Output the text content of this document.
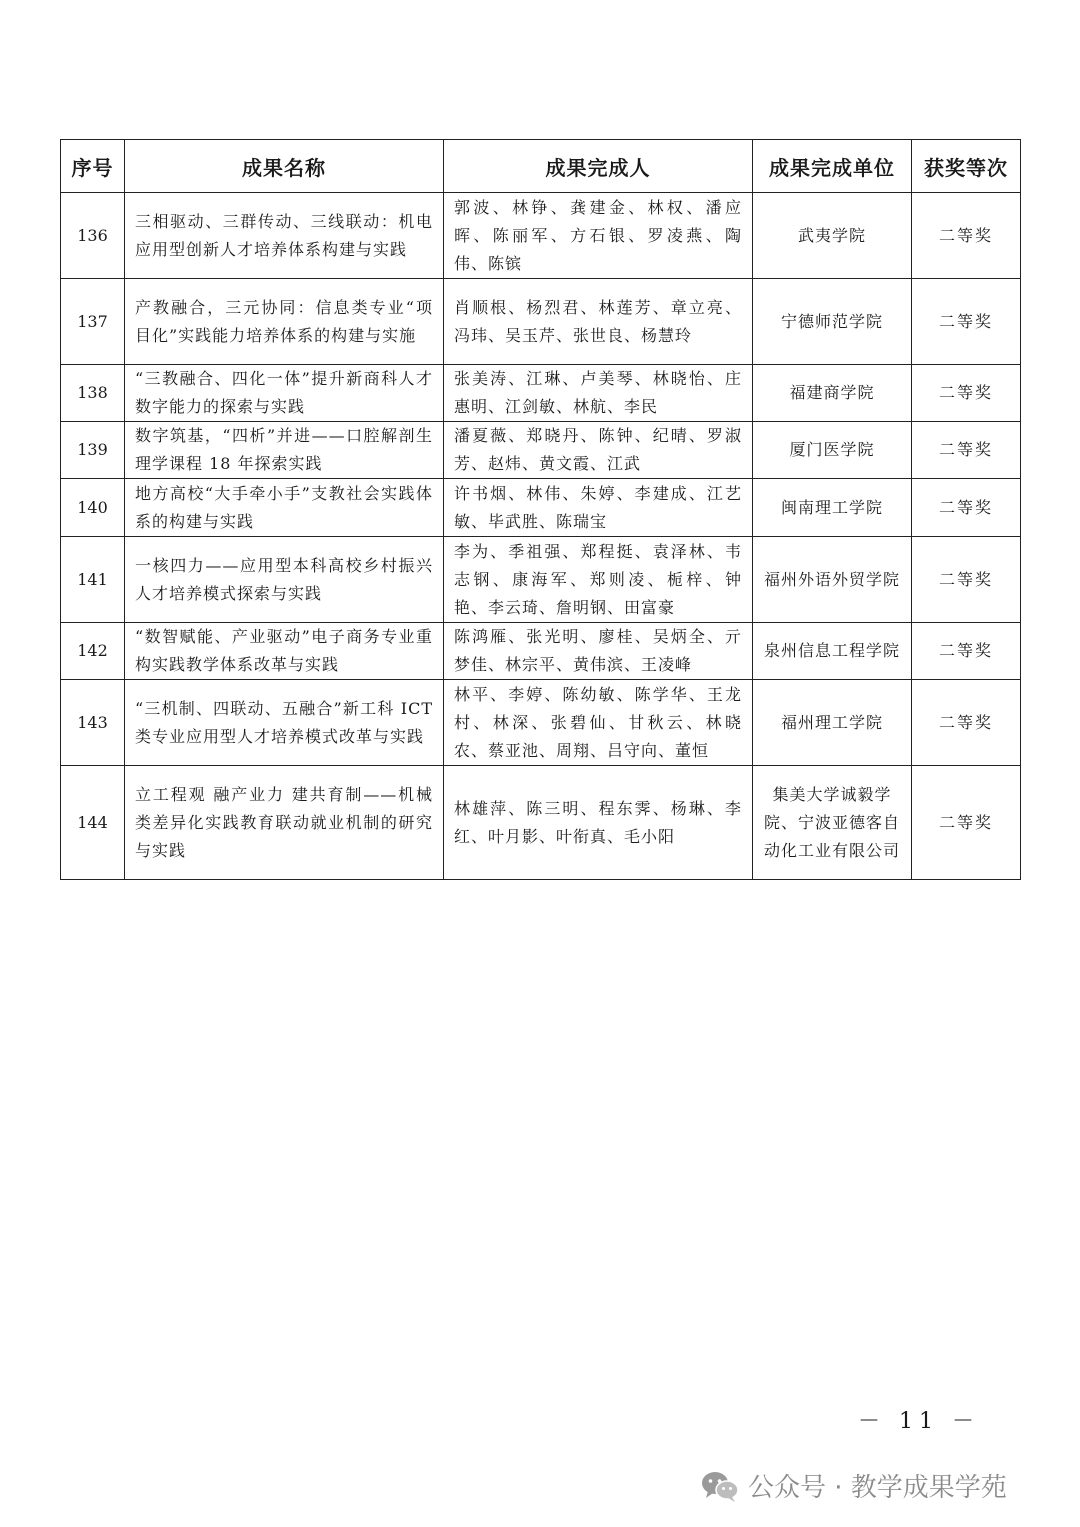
序号	成果名称	成果完成人	成果完成单位	获奖等次
136	三相驱动、三群传动、三线联动：机电应用型创新人才培养体系构建与实践	郭波、林铮、龚建金、林权、潘应晖、陈丽军、方石银、罗凌燕、陶伟、陈镔	武夷学院	二等奖
137	产教融合，三元协同：信息类专业“项目化”实践能力培养体系的构建与实施	肖顺根、杨烈君、林莲芳、章立亮、冯玮、吴玉芹、张世良、杨慧玲	宁德师范学院	二等奖
138	“三教融合、四化一体”提升新商科人才数字能力的探索与实践	张美涛、江琳、卢美琴、林晓怡、庄惠明、江剑敏、林航、李民	福建商学院	二等奖
139	数字筑基，“四析”并进——口腔解剖生理学课程 18 年探索实践	潘夏薇、郑晓丹、陈钟、纪晴、罗淑芳、赵炜、黄文霞、江武	厦门医学院	二等奖
140	地方高校“大手牵小手”支教社会实践体系的构建与实践	许书烟、林伟、朱婷、李建成、江艺敏、毕武胜、陈瑞宝	闽南理工学院	二等奖
141	一核四力——应用型本科高校乡村振兴人才培养模式探索与实践	李为、季祖强、郑程挺、袁泽林、韦志钢、康海军、郑则凌、栀梓、钟艳、李云琦、詹明钢、田富豪	福州外语外贸学院	二等奖
142	“数智赋能、产业驱动”电子商务专业重构实践教学体系改革与实践	陈鸿雁、张光明、廖桂、吴炳全、亓梦佳、林宗平、黄伟滨、王凌峰	泉州信息工程学院	二等奖
143	“三机制、四联动、五融合”新工科 ICT 类专业应用型人才培养模式改革与实践	林平、李婷、陈幼敏、陈学华、王龙村、林深、张碧仙、甘秋云、林晓农、蔡亚池、周翔、吕守向、董恒	福州理工学院	二等奖
144	立工程观 融产业力 建共育制——机械类差异化实践教育联动就业机制的研究与实践	林雄萍、陈三明、程东霁、杨琳、李红、叶月影、叶衔真、毛小阳	集美大学诚毅学院、宁波亚德客自动化工业有限公司	二等奖
－ 11 －
公众号 · 教学成果学苑
